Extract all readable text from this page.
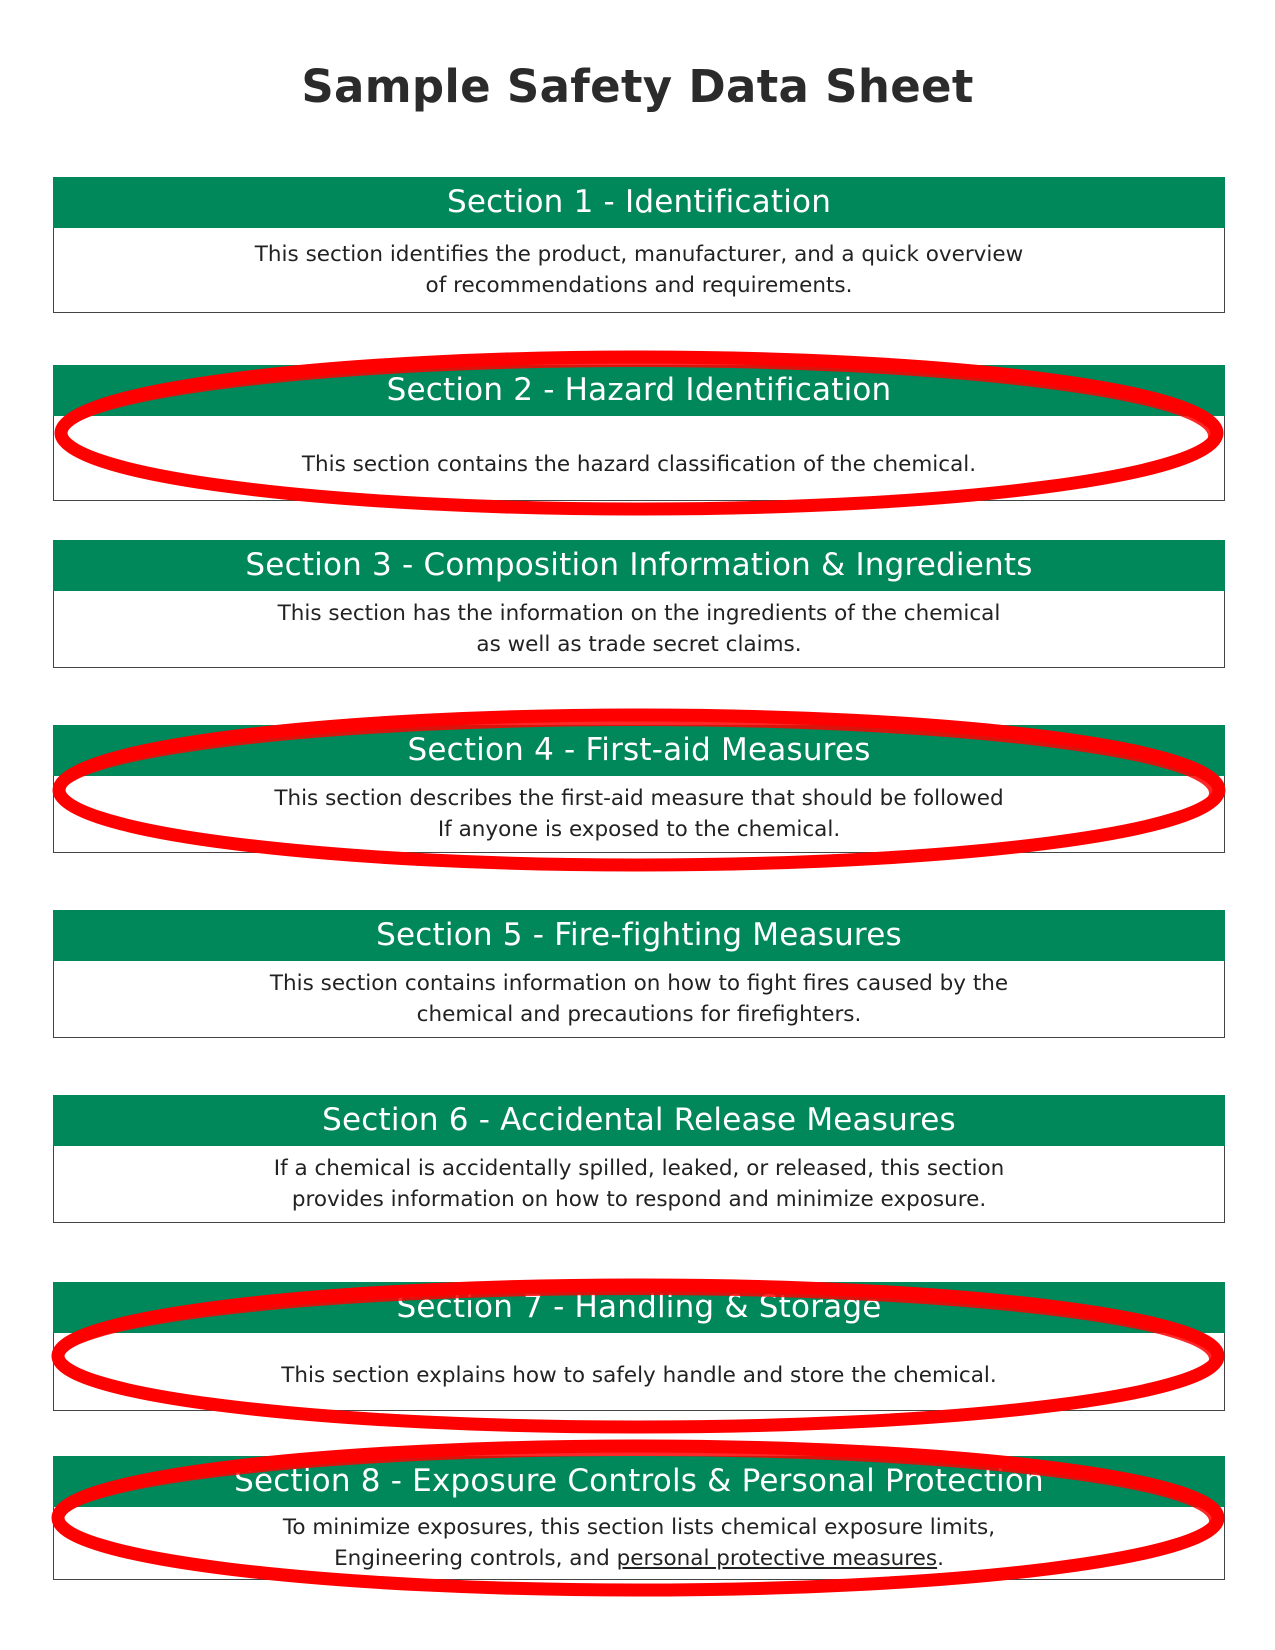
Sample Safety Data Sheet
Section 1 - Identification
This section identifies the product, manufacturer, and a quick overview
of recommendations and requirements.
Section 2 - Hazard Identification
This section contains the hazard classification of the chemical.
Section 3 - Composition Information & Ingredients
This section has the information on the ingredients of the chemical
as well as trade secret claims.
Section 4 - First-aid Measures
This section describes the first-aid measure that should be followed
If anyone is exposed to the chemical.
Section 5 - Fire-fighting Measures
This section contains information on how to fight fires caused by the
chemical and precautions for firefighters.
Section 6 - Accidental Release Measures
If a chemical is accidentally spilled, leaked, or released, this section
provides information on how to respond and minimize exposure.
Section 7 - Handling & Storage
This section explains how to safely handle and store the chemical.
Section 8 - Exposure Controls & Personal Protection
To minimize exposures, this section lists chemical exposure limits,
Engineering controls, and personal protective measures.
